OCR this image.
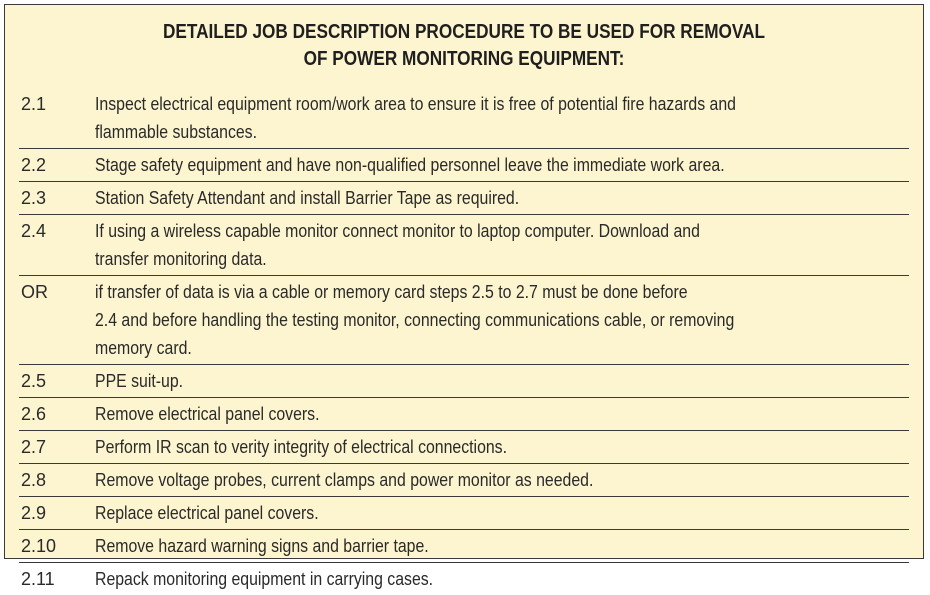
DETAILED JOB DESCRIPTION PROCEDURE TO BE USED FOR REMOVAL
OF POWER MONITORING EQUIPMENT:
2.1	Inspect electrical equipment room/work area to ensure it is free of potential fire hazards and
flammable substances.
2.2	Stage safety equipment and have non-qualified personnel leave the immediate work area.
2.3	Station Safety Attendant and install Barrier Tape as required.
2.4	If using a wireless capable monitor connect monitor to laptop computer. Download and
transfer monitoring data.
OR	if transfer of data is via a cable or memory card steps 2.5 to 2.7 must be done before
2.4 and before handling the testing monitor, connecting communications cable, or removing
memory card.
2.5	PPE suit-up.
2.6	Remove electrical panel covers.
2.7	Perform IR scan to verity integrity of electrical connections.
2.8	Remove voltage probes, current clamps and power monitor as needed.
2.9	Replace electrical panel covers.
2.10	Remove hazard warning signs and barrier tape.
2.11	Repack monitoring equipment in carrying cases.
